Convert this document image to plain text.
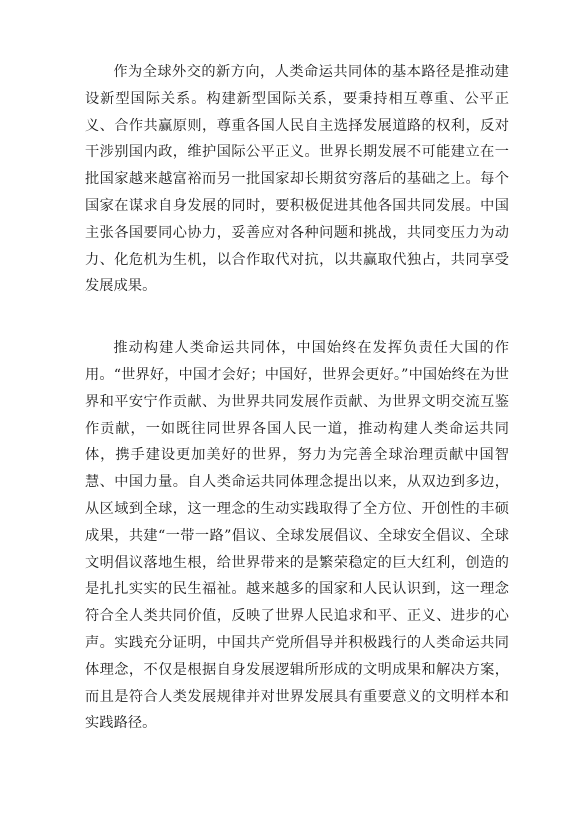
作为全球外交的新方向，人类命运共同体的基本路径是推动建设新型国际关系。构建新型国际关系，要秉持相互尊重、公平正义、合作共赢原则，尊重各国人民自主选择发展道路的权利，反对干涉别国内政，维护国际公平正义。世界长期发展不可能建立在一批国家越来越富裕而另一批国家却长期贫穷落后的基础之上。每个国家在谋求自身发展的同时，要积极促进其他各国共同发展。中国主张各国要同心协力，妥善应对各种问题和挑战，共同变压力为动力、化危机为生机，以合作取代对抗，以共赢取代独占，共同享受发展成果。

推动构建人类命运共同体，中国始终在发挥负责任大国的作用。“世界好，中国才会好；中国好，世界会更好。”中国始终在为世界和平安宁作贡献、为世界共同发展作贡献、为世界文明交流互鉴作贡献，一如既往同世界各国人民一道，推动构建人类命运共同体，携手建设更加美好的世界，努力为完善全球治理贡献中国智慧、中国力量。自人类命运共同体理念提出以来，从双边到多边，从区域到全球，这一理念的生动实践取得了全方位、开创性的丰硕成果，共建“一带一路”倡议、全球发展倡议、全球安全倡议、全球文明倡议落地生根，给世界带来的是繁荣稳定的巨大红利，创造的是扎扎实实的民生福祉。越来越多的国家和人民认识到，这一理念符合全人类共同价值，反映了世界人民追求和平、正义、进步的心声。实践充分证明，中国共产党所倡导并积极践行的人类命运共同体理念，不仅是根据自身发展逻辑所形成的文明成果和解决方案，而且是符合人类发展规律并对世界发展具有重要意义的文明样本和实践路径。
